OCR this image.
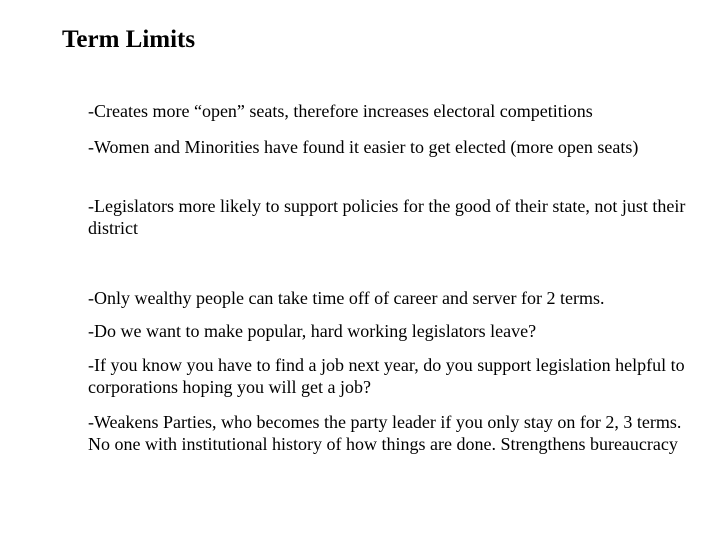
Term Limits

-Creates more “open” seats, therefore increases electoral competitions

-Women and Minorities have found it easier to get elected (more open seats)

-Legislators more likely to support policies for the good of their state, not just their district

-Only wealthy people can take time off of career and server for 2 terms.

-Do we want to make popular, hard working legislators leave?

-If you know you have to find a job next year, do you support legislation helpful to corporations hoping you will get a job?

-Weakens Parties, who becomes the party leader if you only stay on for 2, 3 terms. No one with institutional history of how things are done. Strengthens bureaucracy
